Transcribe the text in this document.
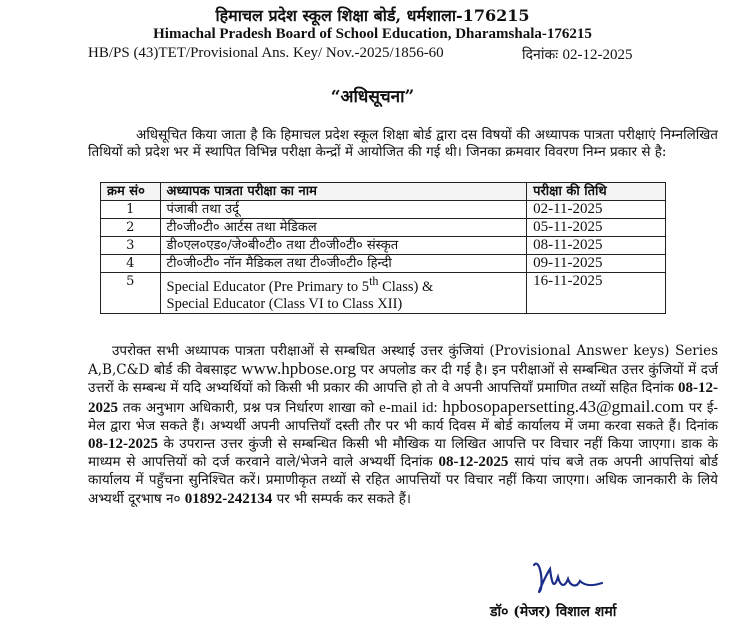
हिमाचल प्रदेश स्कूल शिक्षा बोर्ड, धर्मशाला-176215
Himachal Pradesh Board of School Education, Dharamshala-176215
HB/PS (43)TET/Provisional Ans. Key/ Nov.-2025/1856-60	दिनांकः 02-12-2025
“अधिसूचना”
अधिसूचित किया जाता है कि हिमाचल प्रदेश स्कूल शिक्षा बोर्ड द्वारा दस विषयों की अध्यापक पात्रता परीक्षाएं निम्नलिखित तिथियों को प्रदेश भर में स्थापित विभिन्न परीक्षा केन्द्रों में आयोजित की गई थी। जिनका क्रमवार विवरण निम्न प्रकार से है:
क्रम सं०	अध्यापक पात्रता परीक्षा का नाम	परीक्षा की तिथि
1	पंजाबी तथा उर्दू	02-11-2025
2	टी०जी०टी० आर्टस तथा मेडिकल	05-11-2025
3	डी०एल०एड०/जे०बी०टी० तथा टी०जी०टी० संस्कृत	08-11-2025
4	टी०जी०टी० नॉन मैडिकल तथा टी०जी०टी० हिन्दी	09-11-2025
5	Special Educator (Pre Primary to 5th Class) &
Special Educator (Class VI to Class XII)	16-11-2025
उपरोक्त सभी अध्यापक पात्रता परीक्षाओं से सम्बधित अस्थाई उत्तर कुंजियां (Provisional Answer keys) Series A,B,C&D बोर्ड की वेबसाइट www.hpbose.org पर अपलोड कर दी गई है। इन परीक्षाओं से सम्बन्धित उत्तर कुंजियों में दर्ज उत्तरों के सम्बन्ध में यदि अभ्यर्थियों को किसी भी प्रकार की आपत्ति हो तो वे अपनी आपत्तियाँ प्रमाणित तथ्यों सहित दिनांक 08-12-2025 तक अनुभाग अधिकारी, प्रश्न पत्र निर्धारण शाखा को e-mail id: hpbosopapersetting.43@gmail.com पर ई-मेल द्वारा भेज सकते हैं। अभ्यर्थी अपनी आपत्तियाँ दस्ती तौर पर भी कार्य दिवस में बोर्ड कार्यालय में जमा करवा सकते हैं। दिनांक 08-12-2025 के उपरान्त उत्तर कुंजी से सम्बन्धित किसी भी मौखिक या लिखित आपत्ति पर विचार नहीं किया जाएगा। डाक के माध्यम से आपत्तियों को दर्ज करवाने वाले/भेजने वाले अभ्यर्थी दिनांक 08-12-2025 सायं पांच बजे तक अपनी आपत्तियां बोर्ड कार्यालय में पहुँचना सुनिश्चित करें। प्रमाणीकृत तथ्यों से रहित आपत्तियों पर विचार नहीं किया जाएगा। अधिक जानकारी के लिये अभ्यर्थी दूरभाष न० 01892-242134 पर भी सम्पर्क कर सकते हैं।
डॉ० (मेजर) विशाल शर्मा
